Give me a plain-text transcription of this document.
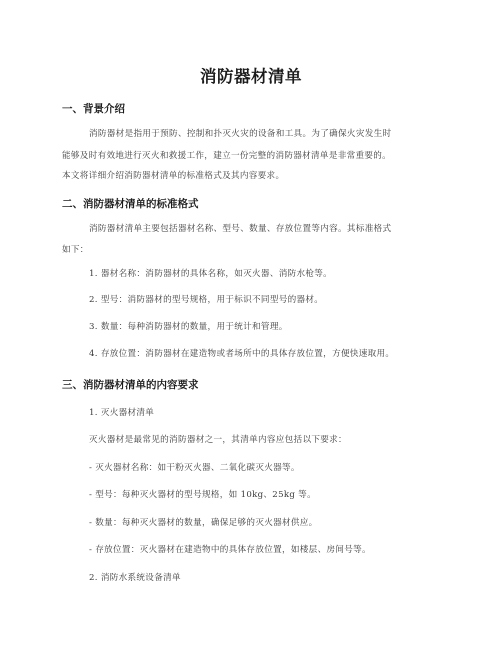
消防器材清单
一、背景介绍
消防器材是指用于预防、控制和扑灭火灾的设备和工具。为了确保火灾发生时
能够及时有效地进行灭火和救援工作，建立一份完整的消防器材清单是非常重要的。
本文将详细介绍消防器材清单的标准格式及其内容要求。
二、消防器材清单的标准格式
消防器材清单主要包括器材名称、型号、数量、存放位置等内容。其标准格式
如下：
1. 器材名称：消防器材的具体名称，如灭火器、消防水枪等。
2. 型号：消防器材的型号规格，用于标识不同型号的器材。
3. 数量：每种消防器材的数量，用于统计和管理。
4. 存放位置：消防器材在建造物或者场所中的具体存放位置，方便快速取用。
三、消防器材清单的内容要求
1. 灭火器材清单
灭火器材是最常见的消防器材之一，其清单内容应包括以下要求：
- 灭火器材名称：如干粉灭火器、二氧化碳灭火器等。
- 型号：每种灭火器材的型号规格，如 10kg、25kg 等。
- 数量：每种灭火器材的数量，确保足够的灭火器材供应。
- 存放位置：灭火器材在建造物中的具体存放位置，如楼层、房间号等。
2. 消防水系统设备清单
